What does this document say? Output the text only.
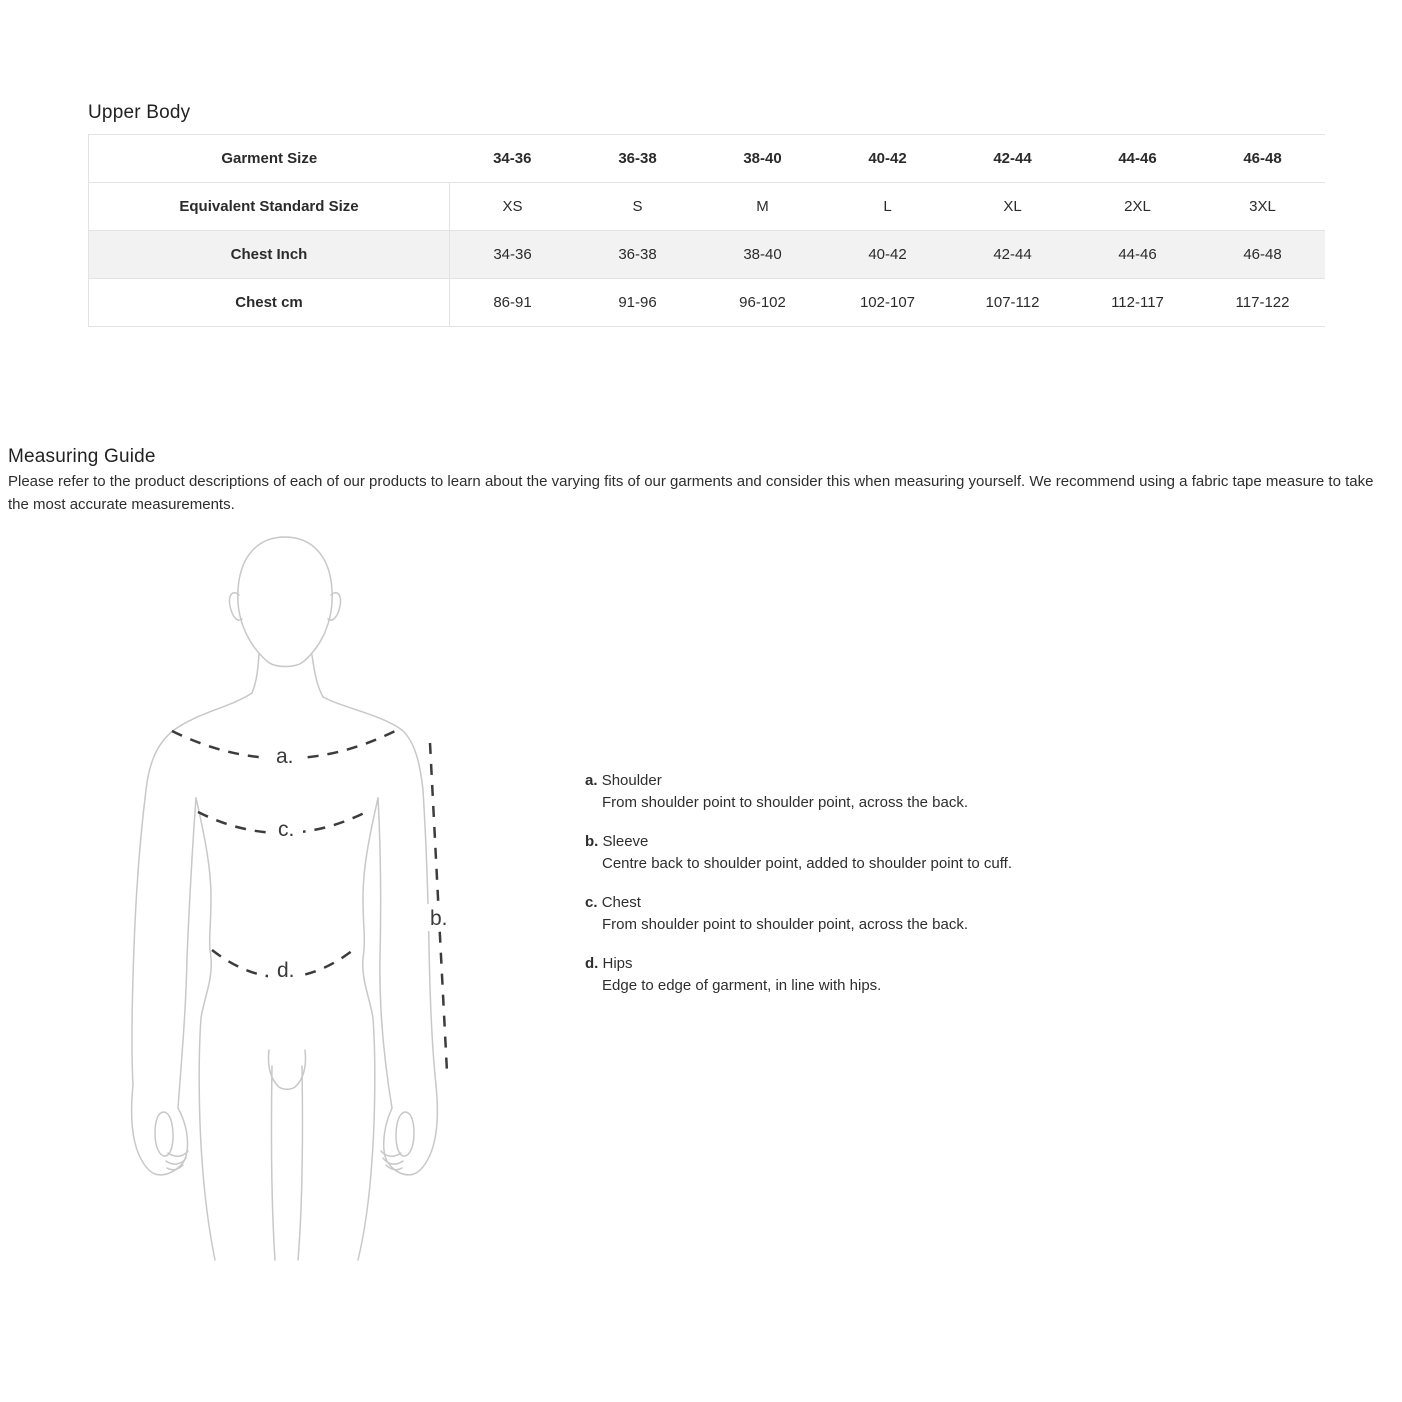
Upper Body
Garment Size	34-36	36-38	38-40	40-42	42-44	44-46	46-48
Equivalent Standard Size	XS	S	M	L	XL	2XL	3XL
Chest Inch	34-36	36-38	38-40	40-42	42-44	44-46	46-48
Chest cm	86-91	91-96	96-102	102-107	107-112	112-117	117-122
Measuring Guide

Please refer to the product descriptions of each of our products to learn about the varying fits of our garments and consider this when measuring yourself. We recommend using a fabric tape measure to take the most accurate measurements.

a.
c.
d.
b.
a. Shoulder
From shoulder point to shoulder point, across the back.
b. Sleeve
Centre back to shoulder point, added to shoulder point to cuff.
c. Chest
From shoulder point to shoulder point, across the back.
d. Hips
Edge to edge of garment, in line with hips.
